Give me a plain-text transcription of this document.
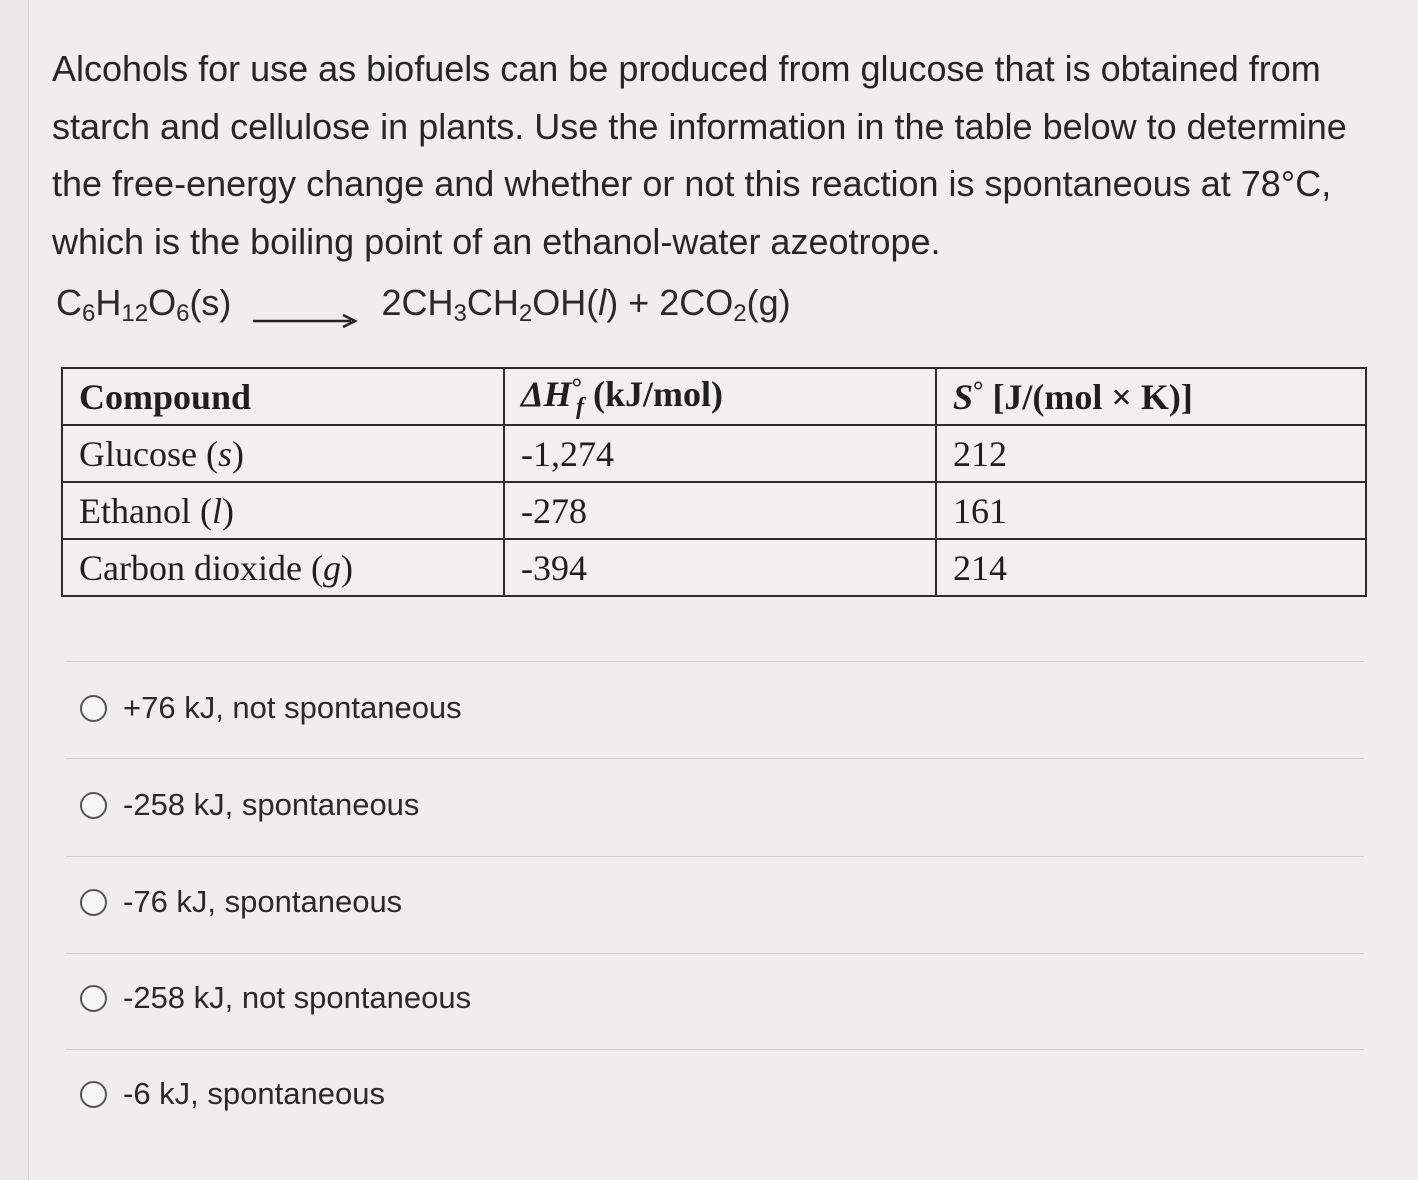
Alcohols for use as biofuels can be produced from glucose that is obtained from starch and cellulose in plants. Use the information in the table below to determine the free-energy change and whether or not this reaction is spontaneous at 78°C, which is the boiling point of an ethanol-water azeotrope.

$C_6H_{12}O_6(s) \to 2CH_3CH_2OH(l) + 2CO_2(g)$
Compound	$\Delta H^\circ_f$ (kJ/mol)	S° [J/(mol × K)]
Glucose (s)	-1,274	212
Ethanol (l)	-278	161
Carbon dioxide (g)	-394	214
+76 kJ, not spontaneous
-258 kJ, spontaneous
-76 kJ, spontaneous
-258 kJ, not spontaneous
-6 kJ, spontaneous
